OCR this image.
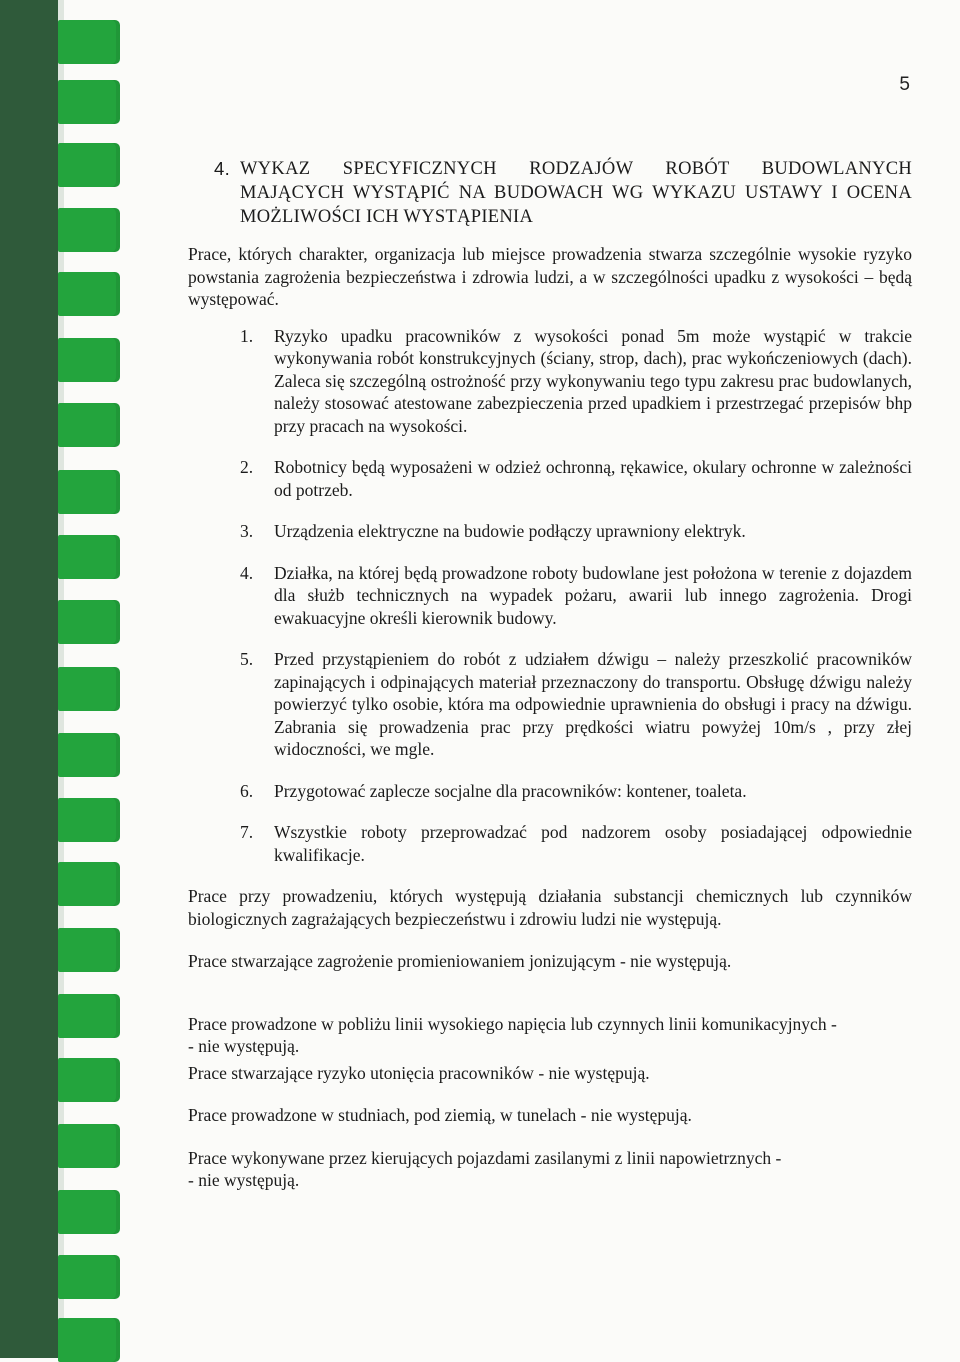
5
4. WYKAZ SPECYFICZNYCH RODZAJÓW ROBÓT BUDOWLANYCH
MAJĄCYCH WYSTĄPIĆ NA BUDOWACH WG WYKAZU USTAWY I OCENA
MOŻLIWOŚCI ICH WYSTĄPIENIA

Prace, których charakter, organizacja lub miejsce prowadzenia stwarza szczególnie wysokie ryzyko powstania zagrożenia bezpieczeństwa i zdrowia ludzi, a w szczególności upadku z wysokości – będą występować.

1. Ryzyko upadku pracowników z wysokości ponad 5m może wystąpić w trakcie wykonywania robót konstrukcyjnych (ściany, strop, dach), prac wykończeniowych (dach). Zaleca się szczególną ostrożność przy wykonywaniu tego typu zakresu prac budowlanych, należy stosować atestowane zabezpieczenia przed upadkiem i przestrzegać przepisów bhp przy pracach na wysokości.
2. Robotnicy będą wyposażeni w odzież ochronną, rękawice, okulary ochronne w zależności od potrzeb.
3. Urządzenia elektryczne na budowie podłączy uprawniony elektryk.
4. Działka, na której będą prowadzone roboty budowlane jest położona w terenie z dojazdem dla służb technicznych na wypadek pożaru, awarii lub innego zagrożenia. Drogi ewakuacyjne określi kierownik budowy.
5. Przed przystąpieniem do robót z udziałem dźwigu – należy przeszkolić pracowników zapinających i odpinających materiał przeznaczony do transportu. Obsługę dźwigu należy powierzyć tylko osobie, która ma odpowiednie uprawnienia do obsługi i pracy na dźwigu. Zabrania się prowadzenia prac przy prędkości wiatru powyżej 10m/s , przy złej widoczności, we mgle.
6. Przygotować zaplecze socjalne dla pracowników: kontener, toaleta.
7. Wszystkie roboty przeprowadzać pod nadzorem osoby posiadającej odpowiednie kwalifikacje.

Prace przy prowadzeniu, których występują działania substancji chemicznych lub czynników biologicznych zagrażających bezpieczeństwu i zdrowiu ludzi nie występują.

Prace stwarzające zagrożenie promieniowaniem jonizującym - nie występują.

Prace prowadzone w pobliżu linii wysokiego napięcia lub czynnych linii komunikacyjnych -
- nie występują.

Prace stwarzające ryzyko utonięcia pracowników - nie występują.

Prace prowadzone w studniach, pod ziemią, w tunelach - nie występują.

Prace wykonywane przez kierujących pojazdami zasilanymi z linii napowietrznych -
- nie występują.
